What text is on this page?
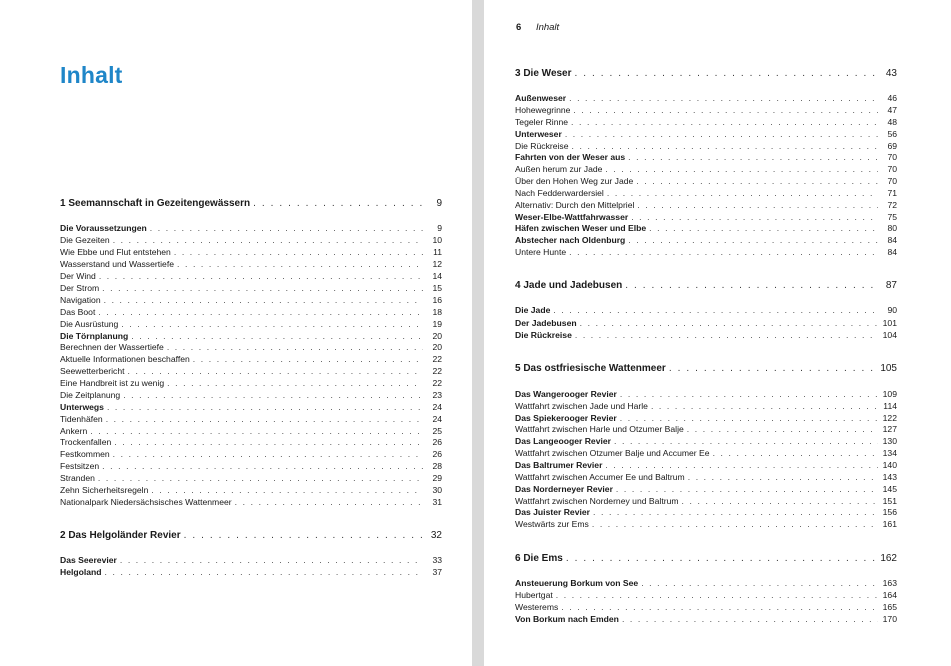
Inhalt
1 Seemannschaft in Gezeitengewässern . . .	9
Die Voraussetzungen . . .	9
Die Gezeiten . . .	10
Wie Ebbe und Flut entstehen . . .	11
Wasserstand und Wassertiefe . . .	12
Der Wind . . .	14
Der Strom . . .	15
Navigation . . .	16
Das Boot . . .	18
Die Ausrüstung . . .	19
Die Törnplanung . . .	20
Berechnen der Wassertiefe . . .	20
Aktuelle Informationen beschaffen . . .	22
Seewetterbericht . . .	22
Eine Handbreit ist zu wenig . . .	22
Die Zeitplanung . . .	23
Unterwegs . . .	24
Tidenhäfen . . .	24
Ankern . . .	25
Trockenfallen . . .	26
Festkommen . . .	26
Festsitzen . . .	28
Stranden . . .	29
Zehn Sicherheitsregeln . . .	30
Nationalpark Niedersächsisches Wattenmeer . . .	31
2 Das Helgoländer Revier . . .	32
Das Seerevier . . .	33
Helgoland . . .	37
6 Inhalt
3 Die Weser . . .	43
Außenweser . . .	46
Hohewegrinne . . .	47
Tegeler Rinne . . .	48
Unterweser . . .	56
Die Rückreise . . .	69
Fahrten von der Weser aus . . .	70
Außen herum zur Jade . . .	70
Über den Hohen Weg zur Jade . . .	70
Nach Fedderwardersiel . . .	71
Alternativ: Durch den Mittelpriel . . .	72
Weser-Elbe-Wattfahrwasser . . .	75
Häfen zwischen Weser und Elbe . . .	80
Abstecher nach Oldenburg . . .	84
Untere Hunte . . .	84
4 Jade und Jadebusen . . .	87
Die Jade . . .	90
Der Jadebusen . . .	101
Die Rückreise . . .	104
5 Das ostfriesische Wattenmeer . . .	105
Das Wangerooger Revier . . .	109
Wattfahrt zwischen Jade und Harle . . .	114
Das Spiekerooger Revier . . .	122
Wattfahrt zwischen Harle und Otzumer Balje . . .	127
Das Langeooger Revier . . .	130
Wattfahrt zwischen Otzumer Balje und Accumer Ee . . .	134
Das Baltrumer Revier . . .	140
Wattfahrt zwischen Accumer Ee und Baltrum . . .	143
Das Norderneyer Revier . . .	145
Wattfahrt zwischen Norderney und Baltrum . . .	151
Das Juister Revier . . .	156
Westwärts zur Ems . . .	161
6 Die Ems . . .	162
Ansteuerung Borkum von See . . .	163
Hubertgat . . .	164
Westerems . . .	165
Von Borkum nach Emden . . .	170
